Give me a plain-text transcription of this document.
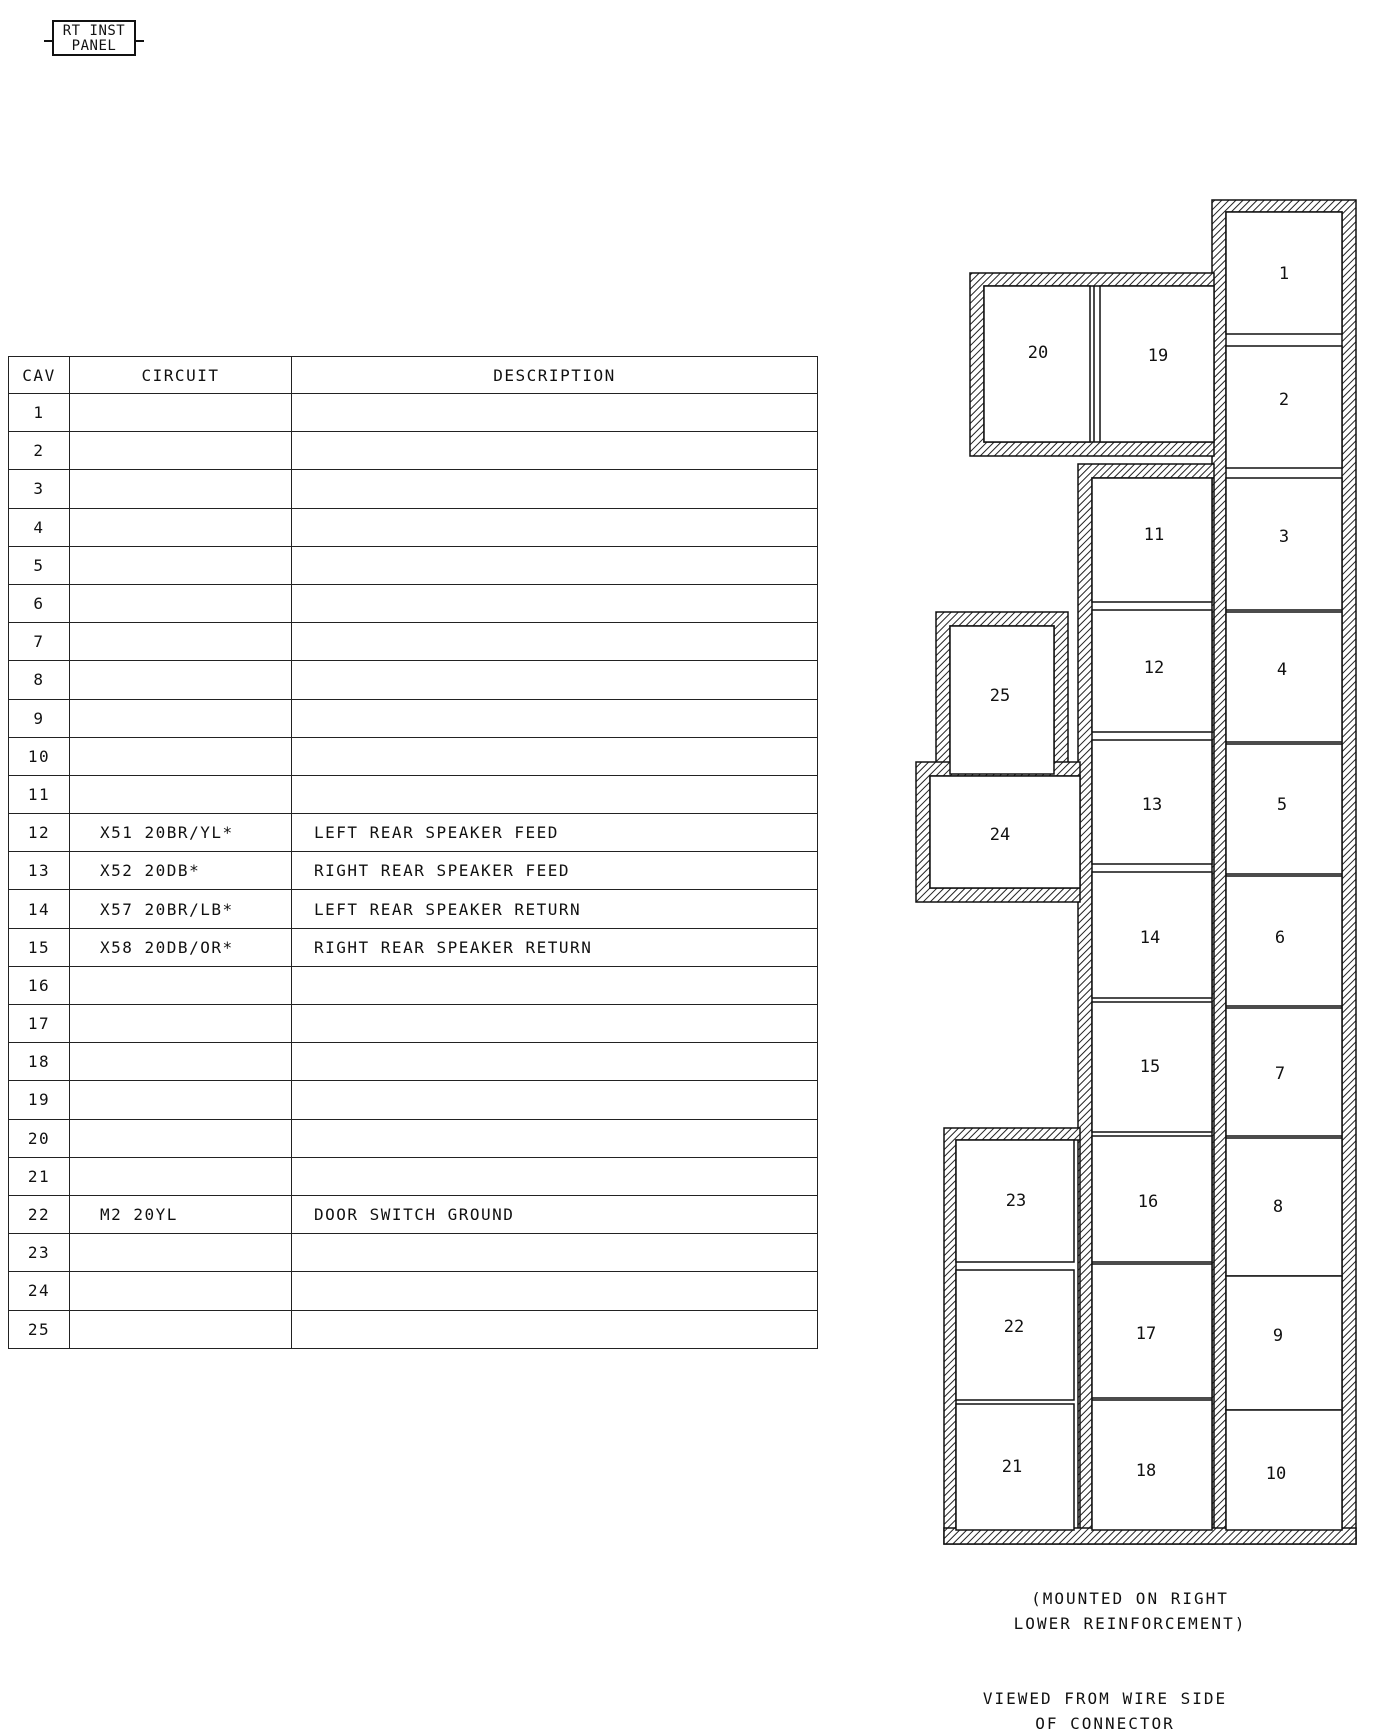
RT INST
PANEL
CAV	CIRCUIT	DESCRIPTION
1		
2		
3		
4		
5		
6		
7		
8		
9		
10		
11		
12	X51 20BR/YL*	LEFT REAR SPEAKER FEED
13	X52 20DB*	RIGHT REAR SPEAKER FEED
14	X57 20BR/LB*	LEFT REAR SPEAKER RETURN
15	X58 20DB/OR*	RIGHT REAR SPEAKER RETURN
16		
17		
18		
19		
20		
21		
22	M2 20YL	DOOR SWITCH GROUND
23		
24		
25		
1
2
3
4
5
6
7
8
9
10
11
12
13
14
15
16
17
18
19
20
21
22
23
24
25
(MOUNTED ON RIGHT
LOWER REINFORCEMENT)
VIEWED FROM WIRE SIDE
OF CONNECTOR
